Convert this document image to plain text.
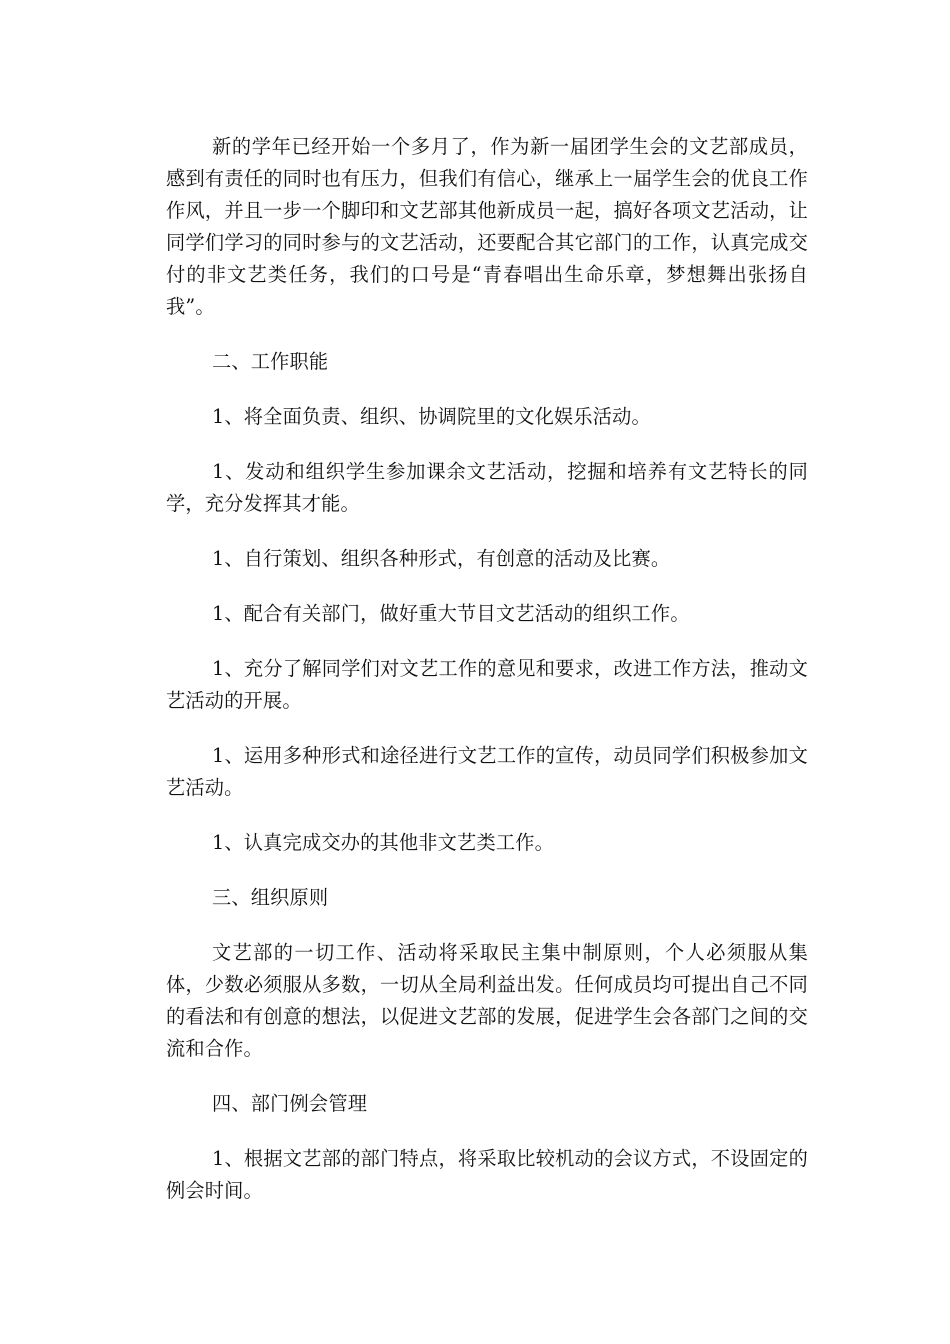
新的学年已经开始一个多月了，作为新一届团学生会的文艺部成员，感到有责任的同时也有压力，但我们有信心，继承上一届学生会的优良工作作风，并且一步一个脚印和文艺部其他新成员一起，搞好各项文艺活动，让同学们学习的同时参与的文艺活动，还要配合其它部门的工作，认真完成交付的非文艺类任务，我们的口号是“青春唱出生命乐章，梦想舞出张扬自我”。

二、工作职能

1、将全面负责、组织、协调院里的文化娱乐活动。

1、发动和组织学生参加课余文艺活动，挖掘和培养有文艺特长的同学，充分发挥其才能。

1、自行策划、组织各种形式，有创意的活动及比赛。

1、配合有关部门，做好重大节目文艺活动的组织工作。

1、充分了解同学们对文艺工作的意见和要求，改进工作方法，推动文艺活动的开展。

1、运用多种形式和途径进行文艺工作的宣传，动员同学们积极参加文艺活动。

1、认真完成交办的其他非文艺类工作。

三、组织原则

文艺部的一切工作、活动将采取民主集中制原则，个人必须服从集体，少数必须服从多数，一切从全局利益出发。任何成员均可提出自己不同的看法和有创意的想法，以促进文艺部的发展，促进学生会各部门之间的交流和合作。

四、部门例会管理

1、根据文艺部的部门特点，将采取比较机动的会议方式，不设固定的例会时间。
